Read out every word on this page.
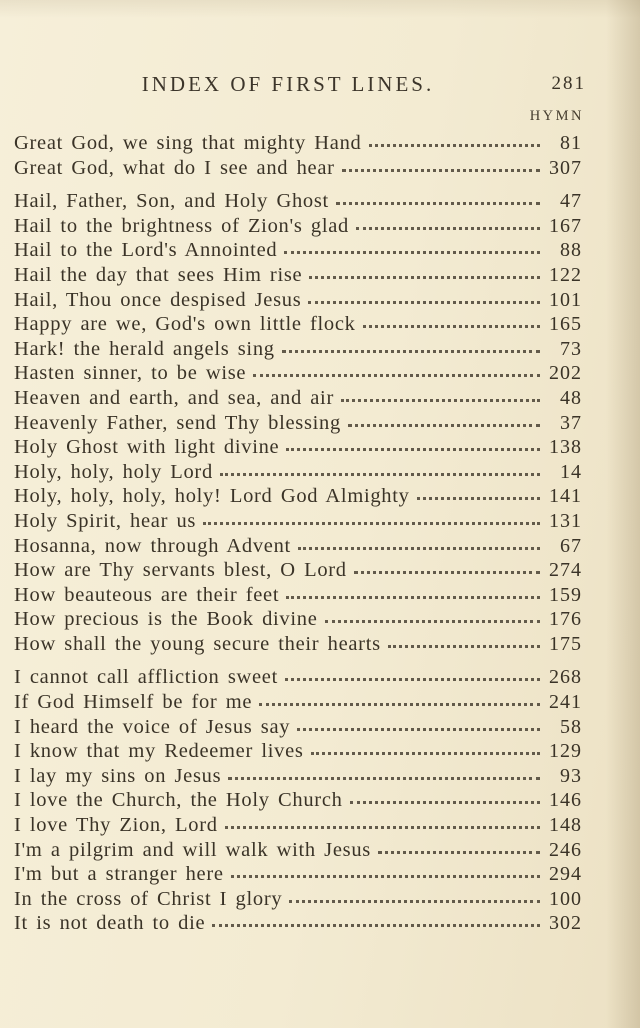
INDEX OF FIRST LINES.	281
HYMN
Great God, we sing that mighty Hand	81
Great God, what do I see and hear	307
Hail, Father, Son, and Holy Ghost	47
Hail to the brightness of Zion's glad	167
Hail to the Lord's Annointed	88
Hail the day that sees Him rise	122
Hail, Thou once despised Jesus	101
Happy are we, God's own little flock	165
Hark! the herald angels sing	73
Hasten sinner, to be wise	202
Heaven and earth, and sea, and air	48
Heavenly Father, send Thy blessing	37
Holy Ghost with light divine	138
Holy, holy, holy Lord	14
Holy, holy, holy, holy! Lord God Almighty	141
Holy Spirit, hear us	131
Hosanna, now through Advent	67
How are Thy servants blest, O Lord	274
How beauteous are their feet	159
How precious is the Book divine	176
How shall the young secure their hearts	175
I cannot call affliction sweet	268
If God Himself be for me	241
I heard the voice of Jesus say	58
I know that my Redeemer lives	129
I lay my sins on Jesus	93
I love the Church, the Holy Church	146
I love Thy Zion, Lord	148
I'm a pilgrim and will walk with Jesus	246
I'm but a stranger here	294
In the cross of Christ I glory	100
It is not death to die	302
